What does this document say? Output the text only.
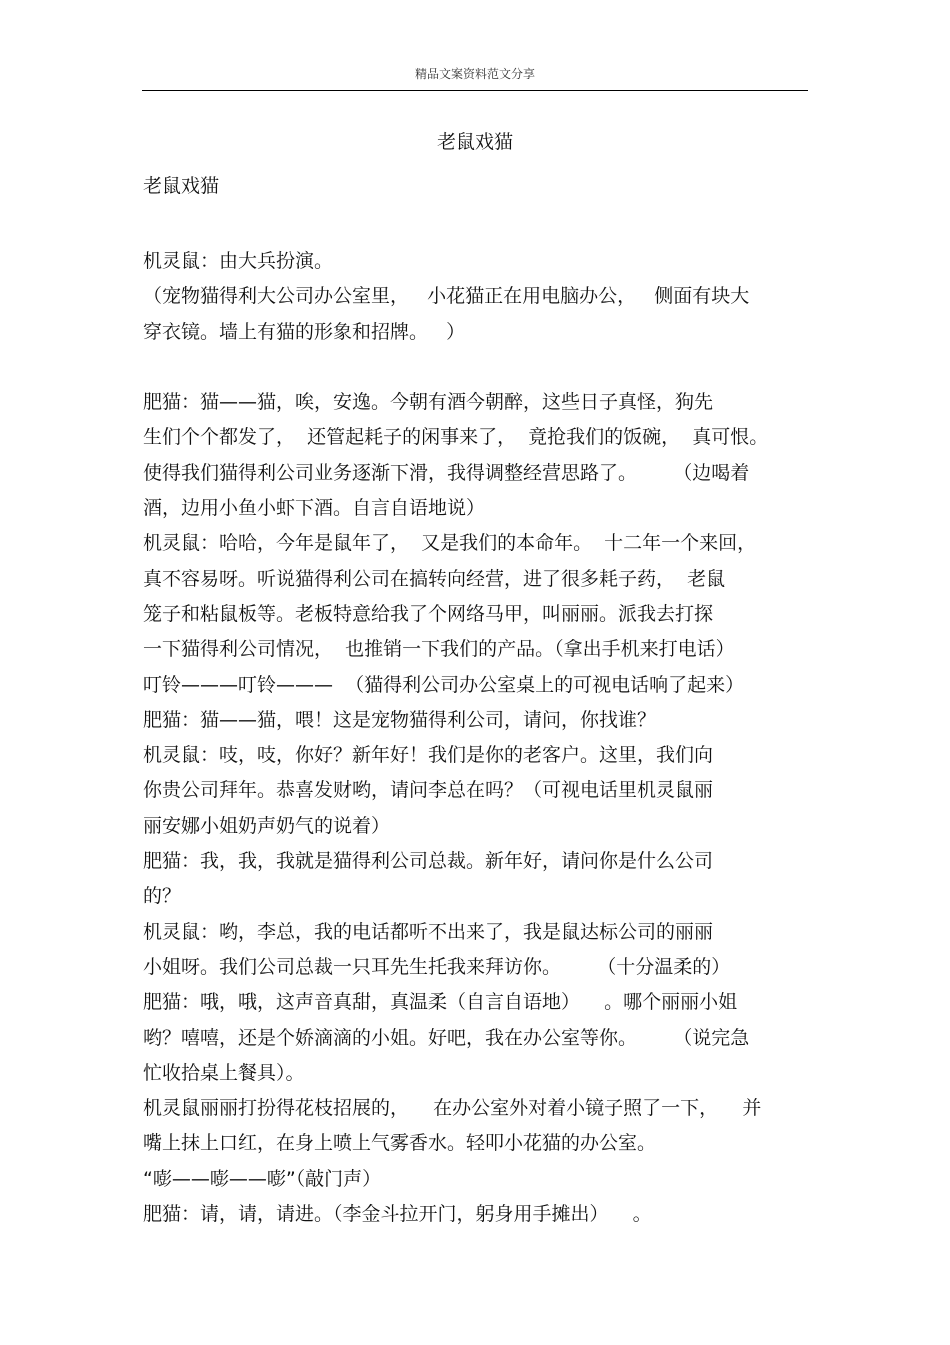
精品文案资料范文分享
老鼠戏猫
老鼠戏猫
机灵鼠：由大兵扮演。
（宠物猫得利大公司办公室里，   小花猫正在用电脑办公，   侧面有块大
穿衣镜。墙上有猫的形象和招牌。   ）
肥猫：猫——猫，唉，安逸。今朝有酒今朝醉，这些日子真怪，狗先
生们个个都发了，  还管起耗子的闲事来了，  竟抢我们的饭碗，  真可恨。
使得我们猫得利公司业务逐渐下滑，我得调整经营思路了。      （边喝着
酒，边用小鱼小虾下酒。自言自语地说）
机灵鼠：哈哈，今年是鼠年了，  又是我们的本命年。  十二年一个来回，
真不容易呀。听说猫得利公司在搞转向经营，进了很多耗子药，  老鼠
笼子和粘鼠板等。老板特意给我了个网络马甲，叫丽丽。派我去打探
一下猫得利公司情况，  也推销一下我们的产品。（拿出手机来打电话）
叮铃———叮铃———  （猫得利公司办公室桌上的可视电话响了起来）
肥猫：猫——猫，喂！这是宠物猫得利公司，请问，你找谁？
机灵鼠：吱，吱，你好？新年好！我们是你的老客户。这里，我们向
你贵公司拜年。恭喜发财哟，请问李总在吗？（可视电话里机灵鼠丽
丽安娜小姐奶声奶气的说着）
肥猫：我，我，我就是猫得利公司总裁。新年好，请问你是什么公司
的？
机灵鼠：哟，李总，我的电话都听不出来了，我是鼠达标公司的丽丽
小姐呀。我们公司总裁一只耳先生托我来拜访你。      （十分温柔的）
肥猫：哦，哦，这声音真甜，真温柔（自言自语地）    。哪个丽丽小姐
哟？嘻嘻，还是个娇滴滴的小姐。好吧，我在办公室等你。      （说完急
忙收拾桌上餐具）。
机灵鼠丽丽打扮得花枝招展的，    在办公室外对着小镜子照了一下，    并
嘴上抹上口红，在身上喷上气雾香水。轻叩小花猫的办公室。
“嘭——嘭——嘭”（敲门声）
肥猫：请，请，请进。（李金斗拉开门，躬身用手摊出）    。
